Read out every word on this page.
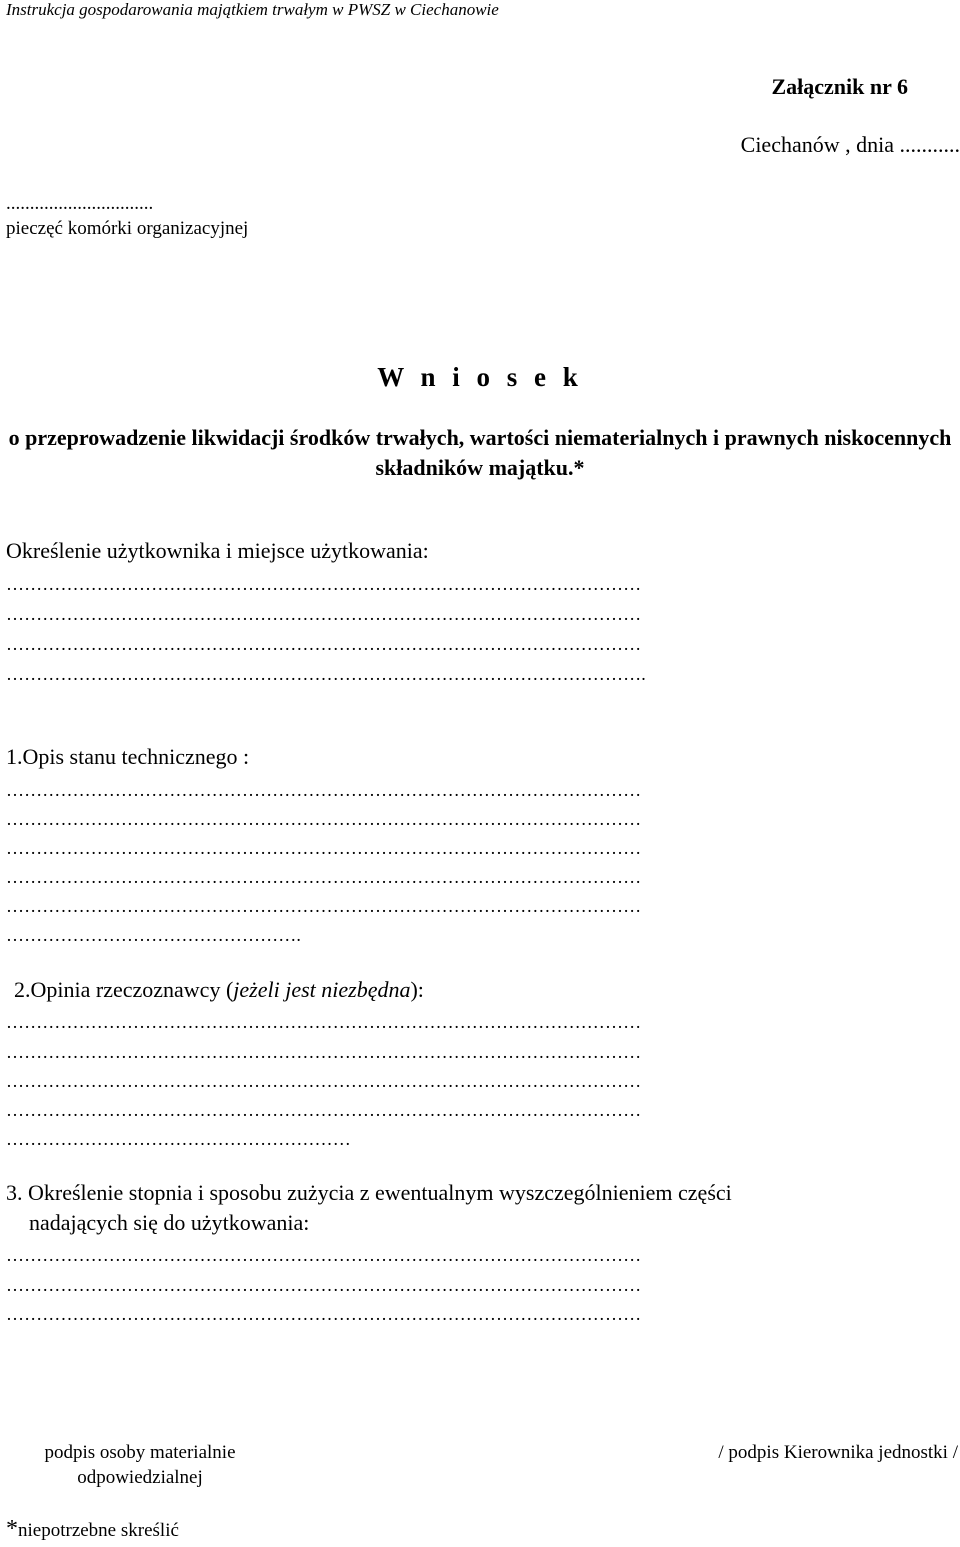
Instrukcja gospodarowania majątkiem trwałym w PWSZ w Ciechanowie
Załącznik nr 6
Ciechanów , dnia ...........
...............................
pieczęć komórki organizacyjnej
W n i o s e k
o przeprowadzenie likwidacji środków trwałych, wartości niematerialnych i prawnych niskocennych składników majątku.*
Określenie użytkownika i miejsce użytkowania:
……………………………………………………………………………………………
……………………………………………………………………………………………
……………………………………………………………………………………………
…………………………………………………………………………………………….
1.Opis stanu technicznego :
……………………………………………………………………………………………
……………………………………………………………………………………………
……………………………………………………………………………………………
……………………………………………………………………………………………
……………………………………………………………………………………………
………………………………………….
2.Opinia rzeczoznawcy (jeżeli jest niezbędna):
……………………………………………………………………………………………
……………………………………………………………………………………………
……………………………………………………………………………………………
……………………………………………………………………………………………
…………………………………………………
3. Określenie stopnia i sposobu zużycia z ewentualnym wyszczególnieniem części
nadających się do użytkowania:
……………………………………………………………………………………………
……………………………………………………………………………………………
……………………………………………………………………………………………
podpis osoby materialnie
odpowiedzialnej
/ podpis Kierownika jednostki /
*niepotrzebne skreślić
